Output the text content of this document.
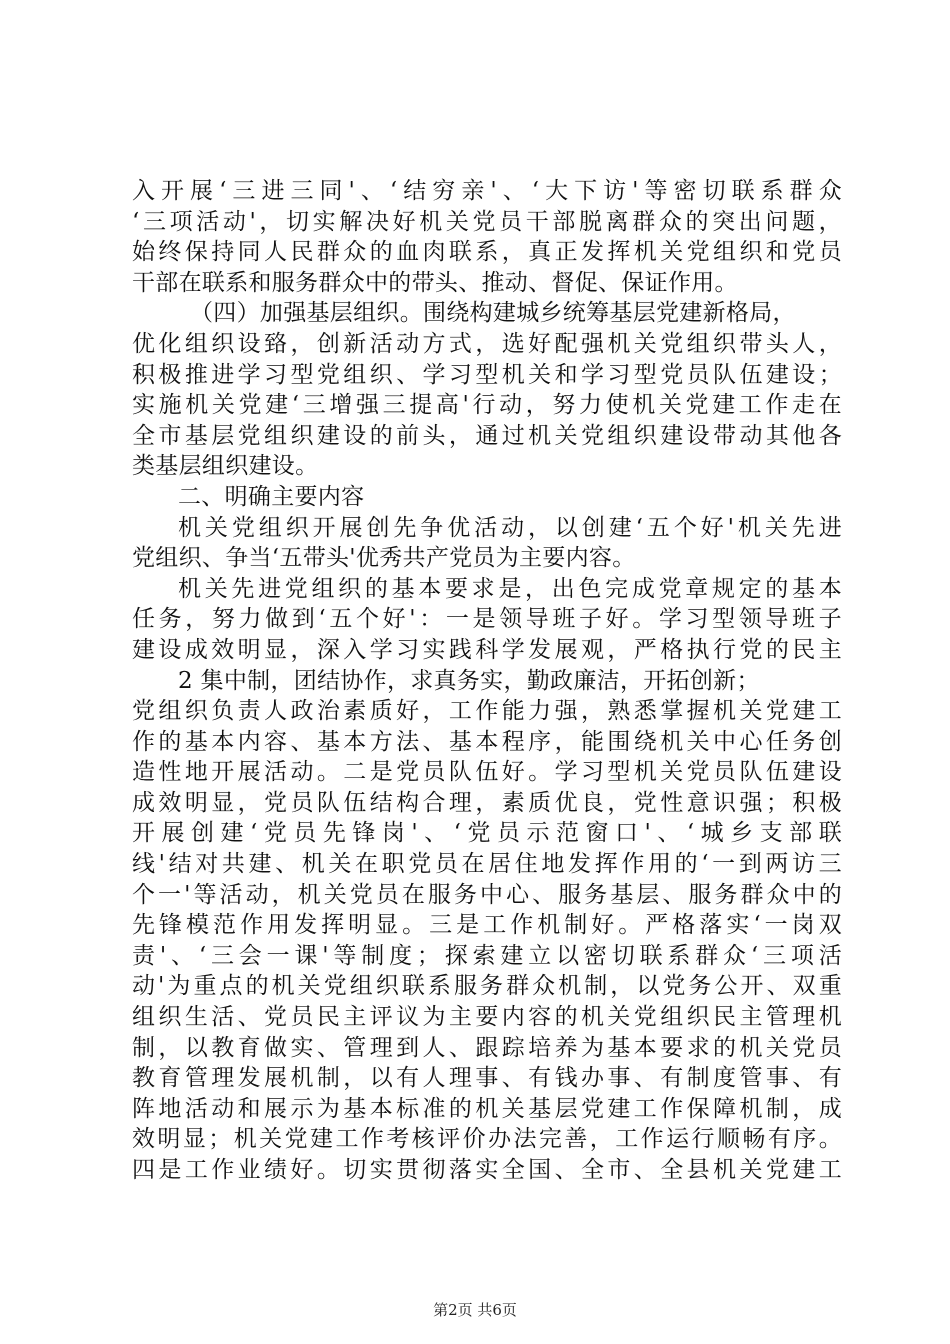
入开展‘三进三同'、‘结穷亲'、‘大下访'等密切联系群众
‘三项活动'，切实解决好机关党员干部脱离群众的突出问题，
始终保持同人民群众的血肉联系，真正发挥机关党组织和党员
干部在联系和服务群众中的带头、推动、督促、保证作用。
（四）加强基层组织。围绕构建城乡统筹基层党建新格局，
优化组织设臵，创新活动方式，选好配强机关党组织带头人，
积极推进学习型党组织、学习型机关和学习型党员队伍建设；
实施机关党建‘三增强三提高'行动，努力使机关党建工作走在
全市基层党组织建设的前头，通过机关党组织建设带动其他各
类基层组织建设。
二、明确主要内容
机关党组织开展创先争优活动，以创建‘五个好'机关先进
党组织、争当‘五带头'优秀共产党员为主要内容。
机关先进党组织的基本要求是，出色完成党章规定的基本
任务，努力做到‘五个好'：一是领导班子好。学习型领导班子
建设成效明显，深入学习实践科学发展观，严格执行党的民主
2 集中制，团结协作，求真务实，勤政廉洁，开拓创新；
党组织负责人政治素质好，工作能力强，熟悉掌握机关党建工
作的基本内容、基本方法、基本程序，能围绕机关中心任务创
造性地开展活动。二是党员队伍好。学习型机关党员队伍建设
成效明显，党员队伍结构合理，素质优良，党性意识强；积极
开展创建‘党员先锋岗'、‘党员示范窗口'、‘城乡支部联
线'结对共建、机关在职党员在居住地发挥作用的‘一到两访三
个一'等活动，机关党员在服务中心、服务基层、服务群众中的
先锋模范作用发挥明显。三是工作机制好。严格落实‘一岗双
责'、‘三会一课'等制度；探索建立以密切联系群众‘三项活
动'为重点的机关党组织联系服务群众机制，以党务公开、双重
组织生活、党员民主评议为主要内容的机关党组织民主管理机
制，以教育做实、管理到人、跟踪培养为基本要求的机关党员
教育管理发展机制，以有人理事、有钱办事、有制度管事、有
阵地活动和展示为基本标准的机关基层党建工作保障机制，成
效明显；机关党建工作考核评价办法完善，工作运行顺畅有序。
四是工作业绩好。切实贯彻落实全国、全市、全县机关党建工
第2页 共6页
